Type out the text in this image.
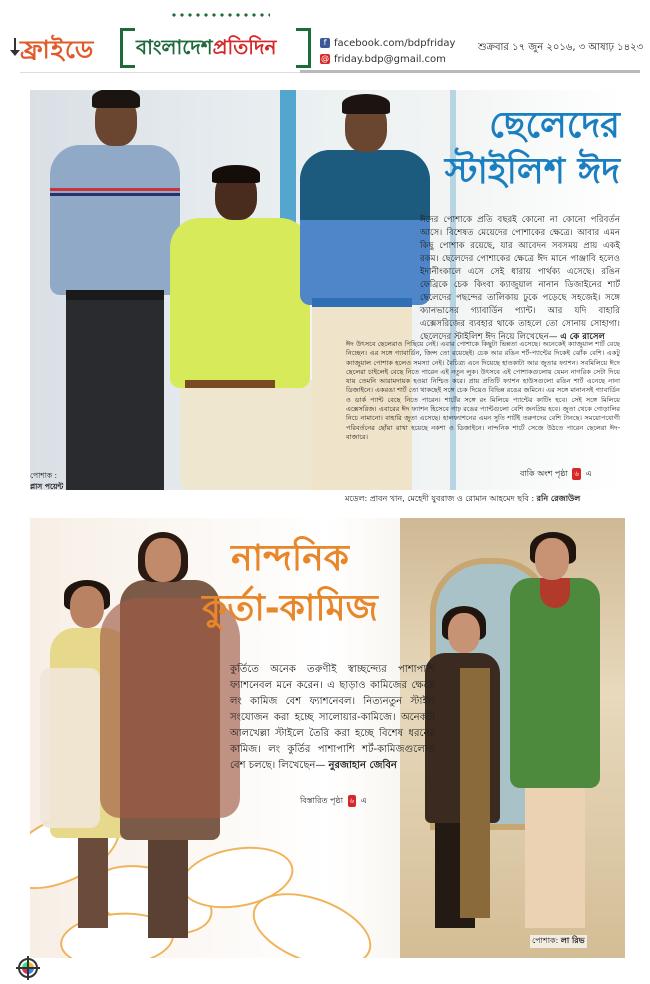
ফ্রাইডে বাংলাদেশপ্রতিদিন	f facebook.com/bdpfriday
@ friday.bdp@gmail.com
শুক্রবার ১৭ জুন ২০১৬, ৩ আষাঢ় ১৪২৩
ছেলেদের
স্টাইলিশ ঈদ
ঈদের পোশাকে প্রতি বছরই কোনো না কোনো পরিবর্তন আসে। বিশেষত মেয়েদের পোশাকের ক্ষেত্রে। আবার এমন কিছু পোশাক রয়েছে, যার আবেদন সবসময় প্রায় একই রকম। ছেলেদের পোশাকের ক্ষেত্রে ঈদ মানে পাঞ্জাবি হলেও ইদানীংকালে এসে সেই ধারায় পার্থক্য এসেছে। রঙিন ফেব্রিকে চেক কিংবা ক্যাজুয়াল নানান ডিজাইনের শার্ট ছেলেদের পছন্দের তালিকায় ঢুকে পড়েছে সহজেই। সঙ্গে ক্যানভাসের গ্যাবার্ডিন প্যান্ট। আর যদি বাহারি এক্সেসরিজের ব্যবহার থাকে তাহলে তো সোনায় সোহাগা। ছেলেদের স্টাইলিশ ঈদ নিয়ে লিখেছেন— এ কে রাসেল
ঈদ উৎসবে ছেলেরাও পিছিয়ে নেই। এবার পোশাকে কিছুটা ভিন্নতা এসেছে। অনেকেই ক্যাজুয়াল শার্ট বেছে নিচ্ছেন। এর সঙ্গে গ্যাবার্ডিন, জিন্স তো রয়েছেই। চেক আর রঙিন শর্ট-প্যান্টের দিকেই ঝোঁক বেশি। একটু ক্যাজুয়াল পোশাক হলেও সমস্যা নেই। বৈচিত্র্য এনে দিয়েছে হাতকাটা আর জুতার ফ্যাশন। সবমিলিয়ে ঈদে ছেলেরা চাইলেই বেছে নিতে পারেন এই নতুন লুক। উৎসবে এই পোশাকগুলোয় যেমন নাগরিক সেটা দিয়ে যায় তেমনি আরামদায়ক হওয়া নিশ্চিত করে। প্রায় প্রতিটি ফ্যাশন হাউসগুলো রঙিন শার্ট এনেছে নানা ডিজাইনে। একরঙা শার্ট তো থাকছেই সঙ্গে চেক দিয়েও বিভিন্ন রঙের জমিনে। এর সঙ্গে মানানসই গ্যাবার্ডিন ও ডার্ক প্যান্ট বেছে নিতে পারেন। শার্টের সঙ্গে রং মিলিয়ে প্যান্টের কাটিং হবে। সেই সঙ্গে মিলিয়ে এক্সেসরিজ। এবারের ঈদ ফ্যাশন হিসেবে গাঢ় রঙের প্যান্টগুলো বেশি জনপ্রিয় হবে। জুতা থেকে গোড়ালির নিচে নামানো। বাহারি জুতা এসেছে। হালফ্যাশনের এমন সুতি শার্টই তরুণদের বেশি টানছে। সময়োপযোগী পরিবর্তনের ছোঁয়া রাখা হয়েছে নকশা ও ডিজাইনে। নান্দনিক শার্টে সেজে উঠতে পারেন ছেলেরা ঈদ-বাজারে।
বাকি অংশ পৃষ্ঠা ৬ এ
পোশাক :
প্লাস পয়েন্ট
মডেল: প্রাবন খান, মেহেদী যুবরাজ ও রোমান আহমেদ ছবি : রনি রেজাউল
নান্দনিক
কুর্তা-কামিজ
কুর্তিতে অনেক তরুণীই স্বাচ্ছন্দ্যের পাশাপাশি ফ্যাশনেবল মনে করেন। এ ছাড়াও কামিজের ক্ষেত্রে লং কামিজ বেশ ফ্যাশনেবল। নিত্যনতুন স্টাইল সংযোজন করা হচ্ছে সালোয়ার-কামিজে। অনেকটা আলখেল্লা স্টাইলে তৈরি করা হচ্ছে বিশেষ ধরনের কামিজ। লং কুর্তির পাশাপাশি শর্ট-কামিজগুলোও বেশ চলছে। লিখেছেন— নুরজাহান জেবিন
বিস্তারিত পৃষ্ঠা ৬ এ
পোশাক: লা রিভ
